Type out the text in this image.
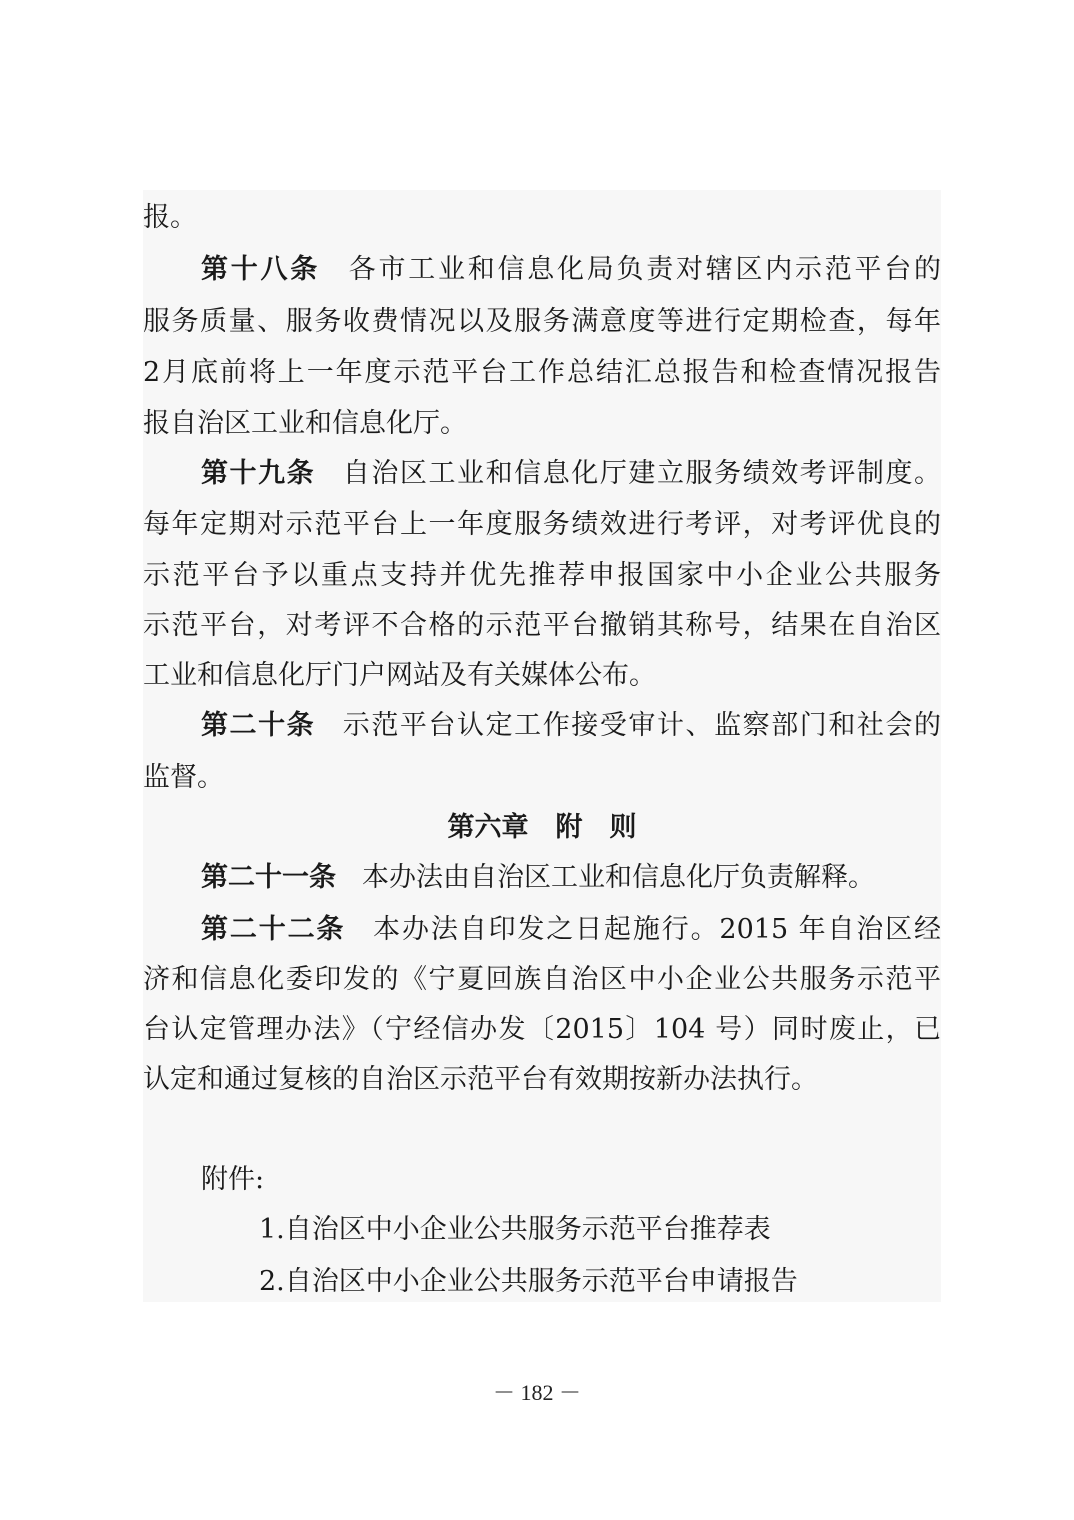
报。
第十八条 各市工业和信息化局负责对辖区内示范平台的
服务质量、服务收费情况以及服务满意度等进行定期检查，每年
2月底前将上一年度示范平台工作总结汇总报告和检查情况报告
报自治区工业和信息化厅。
第十九条 自治区工业和信息化厅建立服务绩效考评制度。
每年定期对示范平台上一年度服务绩效进行考评，对考评优良的
示范平台予以重点支持并优先推荐申报国家中小企业公共服务
示范平台，对考评不合格的示范平台撤销其称号，结果在自治区
工业和信息化厅门户网站及有关媒体公布。
第二十条 示范平台认定工作接受审计、监察部门和社会的
监督。
第六章　附　则
第二十一条 本办法由自治区工业和信息化厅负责解释。
第二十二条 本办法自印发之日起施行。2015 年自治区经
济和信息化委印发的《宁夏回族自治区中小企业公共服务示范平
台认定管理办法》（宁经信办发〔2015〕104 号）同时废止，已
认定和通过复核的自治区示范平台有效期按新办法执行。
附件:
1.自治区中小企业公共服务示范平台推荐表
2.自治区中小企业公共服务示范平台申请报告
－ 182 －
